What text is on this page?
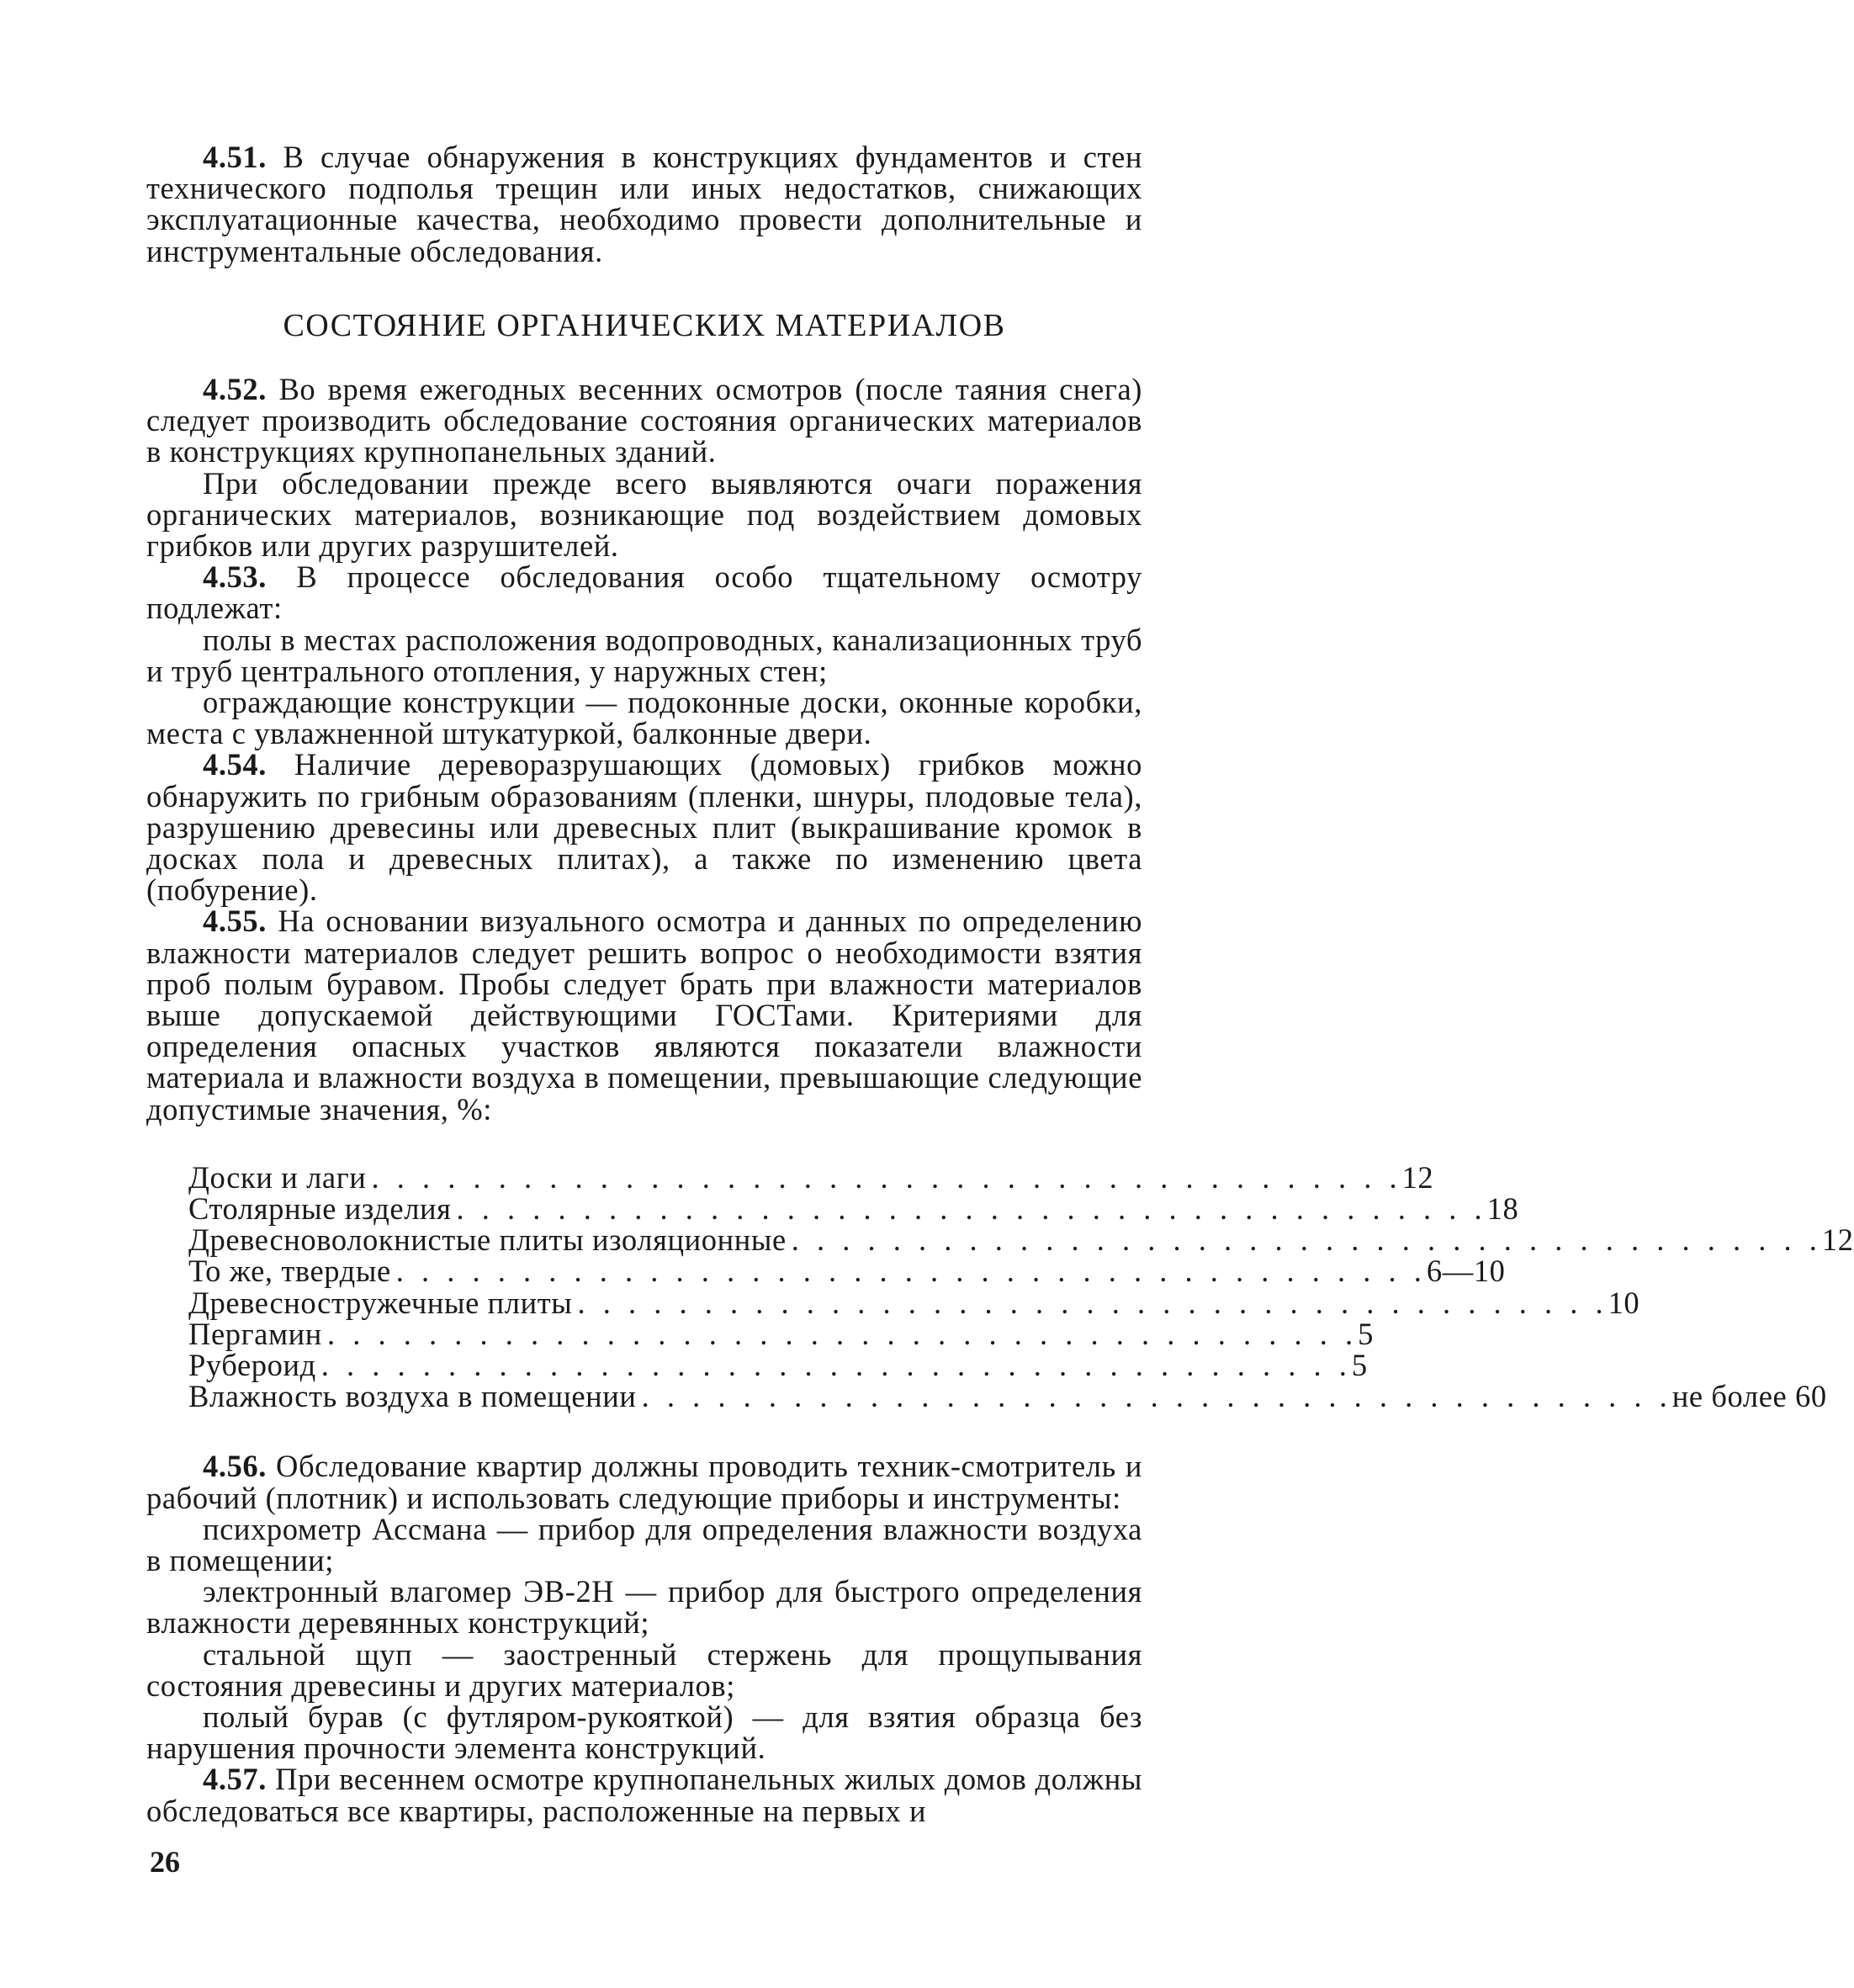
4.51. В случае обнаружения в конструкциях фундаментов и стен технического подполья трещин или иных недостатков, снижающих эксплуатационные качества, необходимо провести дополнительные и инструментальные обследования.

СОСТОЯНИЕ ОРГАНИЧЕСКИХ МАТЕРИАЛОВ

4.52. Во время ежегодных весенних осмотров (после таяния снега) следует производить обследование состояния органических материалов в конструкциях крупнопанельных зданий.

При обследовании прежде всего выявляются очаги поражения органических материалов, возникающие под воздействием домовых грибков или других разрушителей.

4.53. В процессе обследования особо тщательному осмотру подлежат:

полы в местах расположения водопроводных, канализационных труб и труб центрального отопления, у наружных стен;

ограждающие конструкции — подоконные доски, оконные коробки, места с увлажненной штукатуркой, балконные двери.

4.54. Наличие дереворазрушающих (домовых) грибков можно обнаружить по грибным образованиям (пленки, шнуры, плодовые тела), разрушению древесины или древесных плит (выкрашивание кромок в досках пола и древесных плитах), а также по изменению цвета (побурение).

4.55. На основании визуального осмотра и данных по определению влажности материалов следует решить вопрос о необходимости взятия проб полым буравом. Пробы следует брать при влажности материалов выше допускаемой действующими ГОСТами. Критериями для определения опасных участков являются показатели влажности материала и влажности воздуха в помещении, превышающие следующие допустимые значения, %:

Доски и лаги . . . . . . . . . . . . . . . . . . . . . . . . . . . . . . . . . . . . . . . . . 12
Столярные изделия . . . . . . . . . . . . . . . . . . . . . . . . . . . . . . . . . . . . . . . . . 18
Древесноволокнистые плиты изоляционные . . . . . . . . . . . . . . . . . . . . . . . . . . . . . . . . . . . . . . . . . 12
То же, твердые . . . . . . . . . . . . . . . . . . . . . . . . . . . . . . . . . . . . . . . . . 6—10
Древесностружечные плиты . . . . . . . . . . . . . . . . . . . . . . . . . . . . . . . . . . . . . . . . . 10
Пергамин . . . . . . . . . . . . . . . . . . . . . . . . . . . . . . . . . . . . . . . . . 5
Рубероид . . . . . . . . . . . . . . . . . . . . . . . . . . . . . . . . . . . . . . . . . 5
Влажность воздуха в помещении . . . . . . . . . . . . . . . . . . . . . . . . . . . . . . . . . . . . . . . . . не более 60

4.56. Обследование квартир должны проводить техник-смотритель и рабочий (плотник) и использовать следующие приборы и инструменты:

психрометр Ассмана — прибор для определения влажности воздуха в помещении;

электронный влагомер ЭВ-2Н — прибор для быстрого определения влажности деревянных конструкций;

стальной щуп — заостренный стержень для прощупывания состояния древесины и других материалов;

полый бурав (с футляром-рукояткой) — для взятия образца без нарушения прочности элемента конструкций.

4.57. При весеннем осмотре крупнопанельных жилых домов должны обследоваться все квартиры, расположенные на первых и

26
